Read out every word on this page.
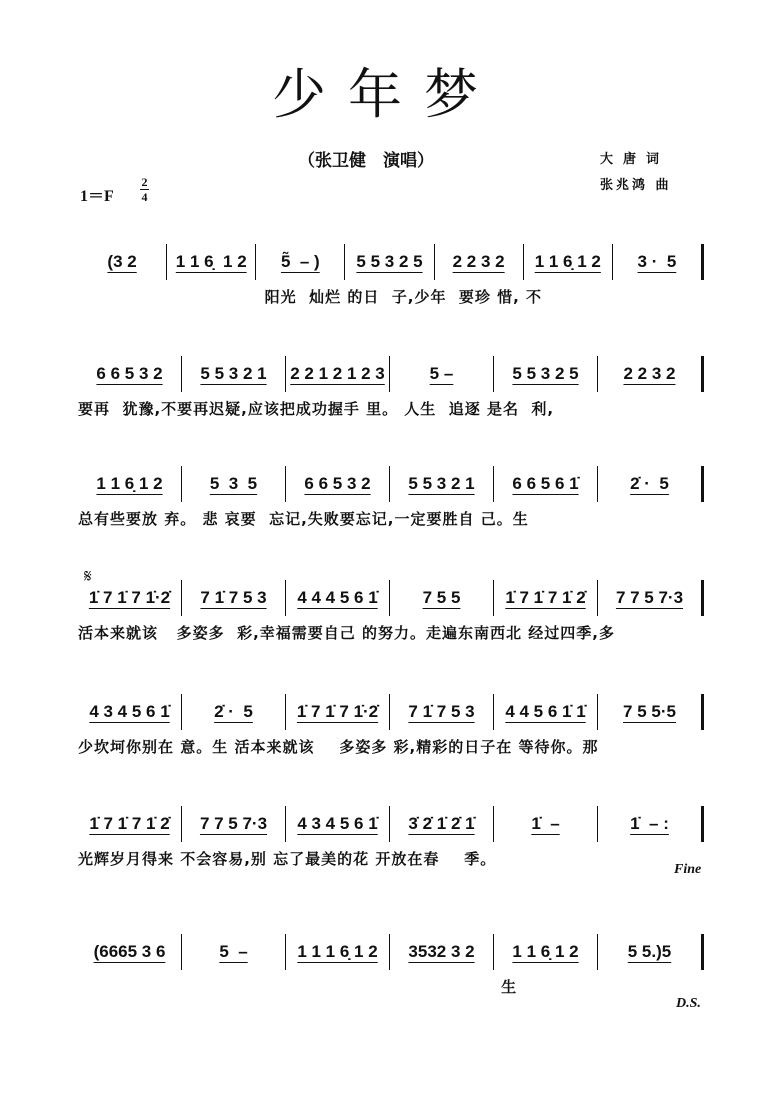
少年梦
（张卫健　演唱）	大唐词
张兆鸿 曲
1＝F
2
4
𝄋
(3 2	1 1 6̣  1 2	5̃  – )	5 5 3 2 5	2 2 3 2	1 1 6̣ 1 2	3 ·  5
阳光  灿烂 的日  子,少年  要珍 惜, 不
6 6 5 3 2	5 5 3 2 1	2 2 1 2 1 2 3	5 –	5 5 3 2 5	2 2 3 2
要再  犹豫,不要再迟疑,应该把成功握手 里。 人生  追逐 是名  利,
1 1 6̣ 1 2	5  3  5	6 6 5 3 2	5 5 3 2 1	6 6 5 6 1̇	2̇ ·  5
总有些要放 弃。 悲 哀要  忘记,失败要忘记,一定要胜自 己。生
1̇ 7 1̇ 7 1̇·2̇	7 1̇ 7 5 3	4 4 4 5 6 1̇	7 5 5	1̇ 7 1̇ 7 1̇ 2̇	7 7 5 7·3
活本来就该   多姿多  彩,幸福需要自己 的努力。走遍东南西北 经过四季,多
4 3 4 5 6 1̇	2̇ ·  5	1̇ 7 1̇ 7 1̇·2̇	7 1̇ 7 5 3	4 4 5 6 1̇ 1̇	7 5 5·5
少坎坷你别在 意。生 活本来就该    多姿多 彩,精彩的日子在 等待你。那
1̇ 7 1̇ 7 1̇ 2̇	7 7 5 7·3	4 3 4 5 6 1̇	3̇ 2̇ 1̇ 2̇ 1̇	1̇  –	1̇  – :
光辉岁月得来 不会容易,别 忘了最美的花 开放在春    季。
(6665 3 6	5  –	1 1 1 6̣ 1 2	3532 3 2	1 1 6̣ 1 2	5 5.)5
生
Fine
D.S.
